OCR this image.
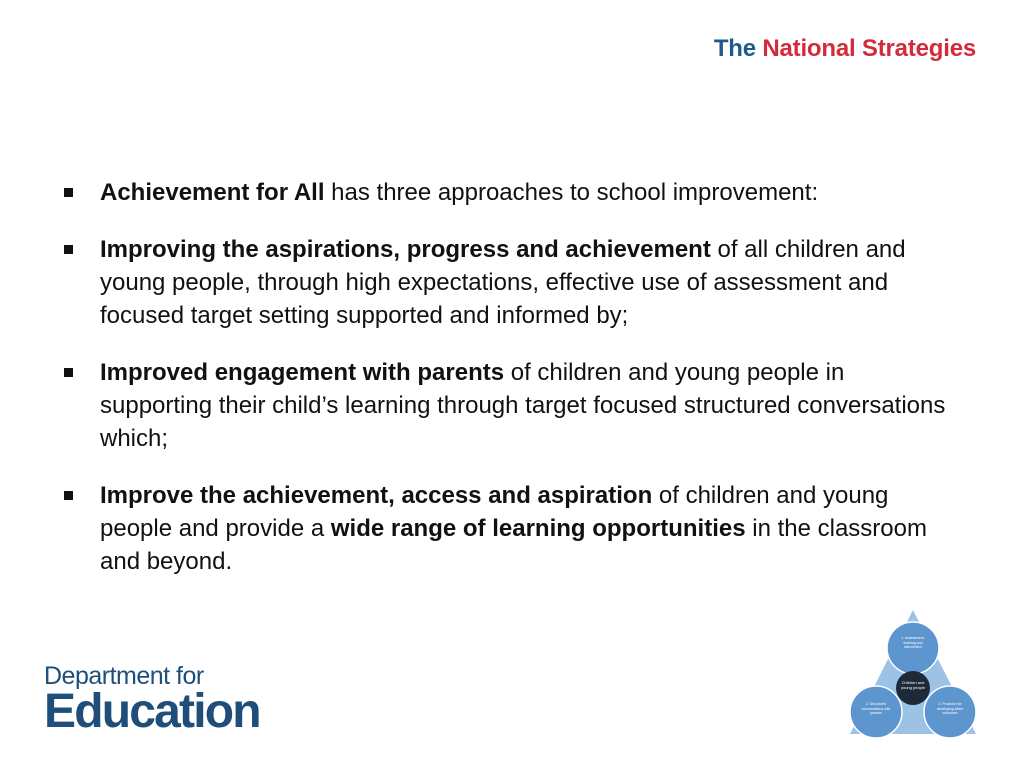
The National Strategies
Achievement for All has three approaches to school improvement:
Improving the aspirations, progress and achievement of all children and young people, through high expectations, effective use of assessment and focused target setting supported and informed by;
Improved engagement with parents of children and young people in supporting their child’s learning through target focused structured conversations which;
Improve the achievement, access and aspiration of children and young people and provide a wide range of learning opportunities in the classroom and beyond.
Department for
Education
Children and young people
1. Assessment, tracking and intervention
2. Structured conversations with parents
3. Provision for developing wider outcomes
